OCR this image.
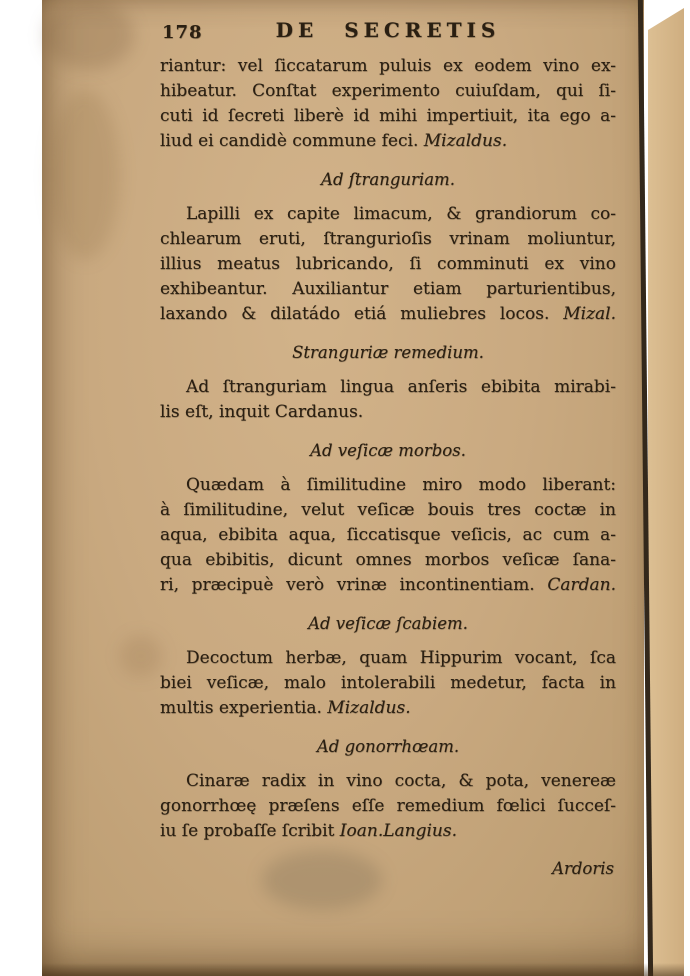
178	DE SECRETIS
riantur: vel ſiccatarum puluis ex eodem vino ex-
hibeatur. Conſtat experimento cuiuſdam, qui ſi-
cuti id ſecreti liberè id mihi impertiuit, ita ego a-
liud ei candidè commune feci. Mizaldus.
Ad ſtranguriam.
Lapilli ex capite limacum, & grandiorum co-
chlearum eruti, ſtrangurioſis vrinam moliuntur,
illius meatus lubricando, ſi comminuti ex vino
exhibeantur. Auxiliantur etiam parturientibus,
laxando & dilatádo etiá muliebres locos. Mizal.
Stranguriæ remedium.
Ad ſtranguriam lingua anſeris ebibita mirabi-
lis eſt, inquit Cardanus.
Ad veſicæ morbos.
Quædam à ſimilitudine miro modo liberant:
à ſimilitudine, velut veſicæ bouis tres coctæ in
aqua, ebibita aqua, ſiccatisque veſicis, ac cum a-
qua ebibitis, dicunt omnes morbos veſicæ ſana-
ri, præcipuè verò vrinæ incontinentiam. Cardan.
Ad veſicæ ſcabiem.
Decoctum herbæ, quam Hippurim vocant, ſca
biei veſicæ, malo intolerabili medetur, facta in
multis experientia. Mizaldus.
Ad gonorrhœam.
Cinaræ radix in vino cocta, & pota, venereæ
gonorrhœę præſens eſſe remedium fœlici ſucceſ-
iu ſe probaſſe ſcribit Ioan.Langius.
Ardoris
